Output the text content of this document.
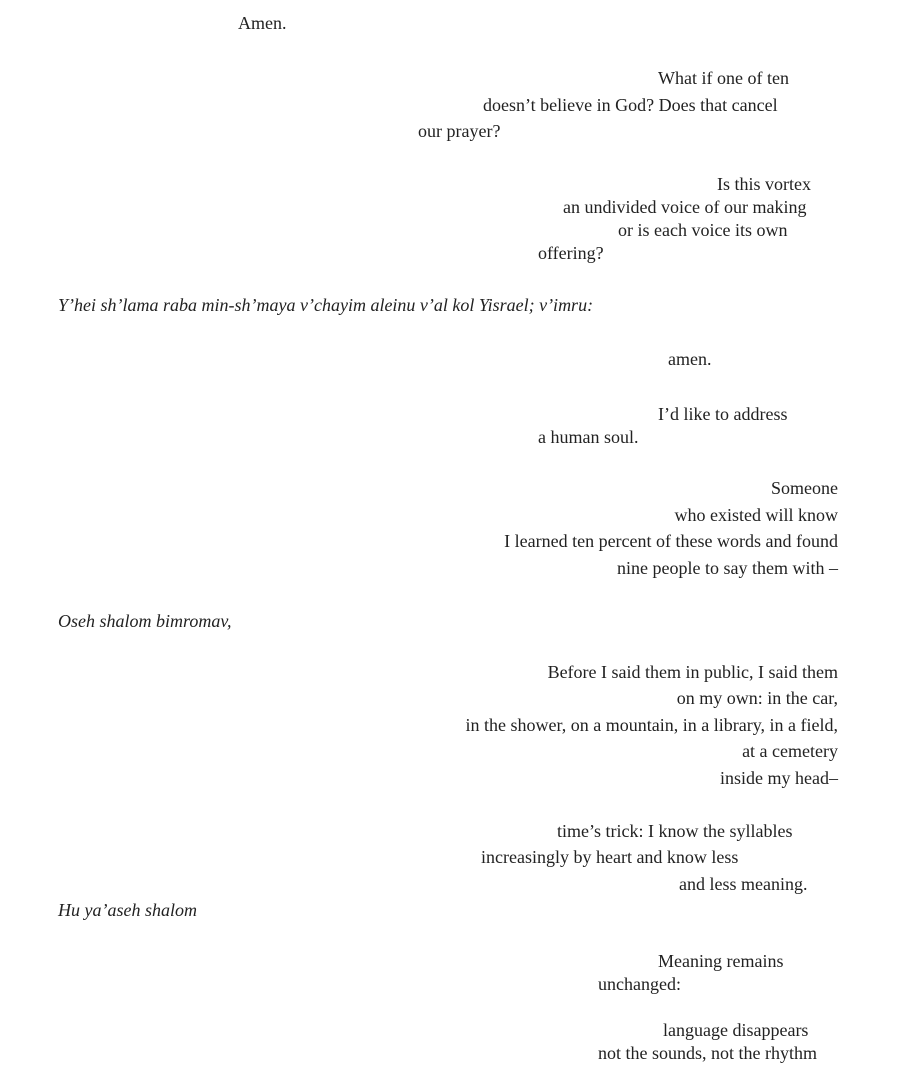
Amen.
What if one of ten
doesn’t believe in God? Does that cancel
our prayer?
Is this vortex
an undivided voice of our making
or is each voice its own
offering?
Y’hei sh’lama raba min-sh’maya v’chayim aleinu v’al kol Yisrael; v’imru:
amen.
I’d like to address
a human soul.
Someone
who existed will know
I learned ten percent of these words and found
nine people to say them with –
Oseh shalom bimromav,
Before I said them in public, I said them
on my own: in the car,
in the shower, on a mountain, in a library, in a field,
at a cemetery
inside my head–
time’s trick: I know the syllables
increasingly by heart and know less
and less meaning.
Hu ya’aseh shalom
Meaning remains
unchanged:
language disappears
not the sounds, not the rhythm
